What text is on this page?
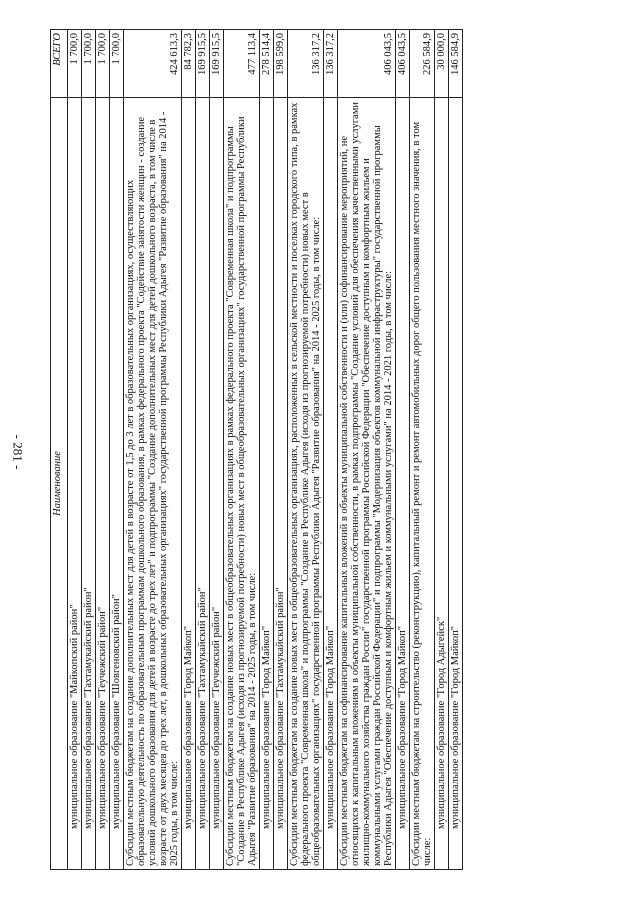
- 281 -	Наименование	ВСЕГО
муниципальное образование "Майкопский район"	1 700,0
муниципальное образование "Тахтамукайский район"	1 700,0
муниципальное образование "Теучежский район"	1 700,0
муниципальное образование "Шовгеновский район"	1 700,0
Субсидии местным бюджетам на создание дополнительных мест для детей в возрасте от 1,5 до 3 лет в образовательных организациях, осуществляющих образовательную деятельность по образовательным программам дошкольного образования, в рамках федерального проекта "Содействие занятости женщин - создание условий дошкольного образования для детей в возрасте до трех лет" и подпрограммы "Создание дополнительных мест для детей дошкольного возраста, в том числе в возрасте от двух месяцев до трех лет, в дошкольных образовательных организациях" государственной программы Республики Адыгея "Развитие образования" на 2014 - 2025 годы, в том числе:	424 613,3
муниципальное образование "Город Майкоп"	84 782,3
муниципальное образование "Тахтамукайский район"	169 915,5
муниципальное образование "Теучежский район"	169 915,5
Субсидии местным бюджетам на создание новых мест в общеобразовательных организациях в рамках федерального проекта "Современная школа" и подпрограммы "Создание в Республике Адыгея (исходя из прогнозируемой потребности) новых мест в общеобразовательных организациях" государственной программы Республики Адыгея "Развитие образования" на 2014 - 2025 годы, в том числе:	477 113,4
муниципальное образование "Город Майкоп"	278 514,4
муниципальное образование "Тахтамукайский район"	198 599,0
Субсидии местным бюджетам на создание новых мест в общеобразовательных организациях, расположенных в сельской местности и поселках городского типа, в рамках федерального проекта "Современная школа" и подпрограммы "Создание в Республике Адыгея (исходя из прогнозируемой потребности) новых мест в общеобразовательных организациях" государственной программы Республики Адыгея "Развитие образования" на 2014 - 2025 годы, в том числе:	136 317,2
муниципальное образование "Город Майкоп"	136 317,2
Субсидии местным бюджетам на софинансирование капитальных вложений в объекты муниципальной собственности и (или) софинансирование мероприятий, не относящихся к капитальным вложениям в объекты муниципальной собственности, в рамках подпрограммы "Создание условий для обеспечения качественными услугами жилищно-коммунального хозяйства граждан России" государственной программы Российской Федерации "Обеспечение доступным и комфортным жильем и коммунальными услугами граждан Российской Федерации" и подпрограммы "Модернизация объектов коммунальной инфраструктуры" государственной программы Республики Адыгея "Обеспечение доступным и комфортным жильем и коммунальными услугами" на 2014 - 2021 годы, в том числе:	406 043,5
муниципальное образование "Город Майкоп"	406 043,5
Субсидии местным бюджетам на строительство (реконструкцию), капитальный ремонт и ремонт автомобильных дорог общего пользования местного значения, в том числе:	226 584,9
муниципальное образование "Город Адыгейск"	30 000,0
муниципальное образование "Город Майкоп"	146 584,9
